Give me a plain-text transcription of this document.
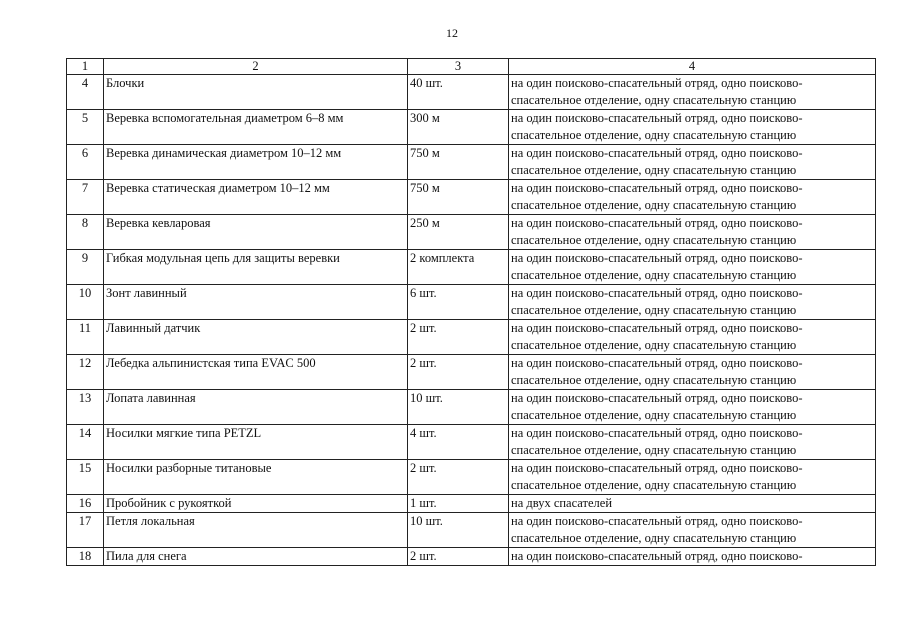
12
1	2	3	4
4	Блочки	40 шт.	на один поисково-спасательный отряд, одно поисково-
спасательное отделение, одну спасательную станцию

5	Веревка вспомогательная диаметром 6–8 мм	300 м	на один поисково-спасательный отряд, одно поисково-
спасательное отделение, одну спасательную станцию

6	Веревка динамическая диаметром 10–12 мм	750 м	на один поисково-спасательный отряд, одно поисково-
спасательное отделение, одну спасательную станцию

7	Веревка статическая диаметром 10–12 мм	750 м	на один поисково-спасательный отряд, одно поисково-
спасательное отделение, одну спасательную станцию

8	Веревка кевларовая	250 м	на один поисково-спасательный отряд, одно поисково-
спасательное отделение, одну спасательную станцию

9	Гибкая модульная цепь для защиты веревки	2 комплекта	на один поисково-спасательный отряд, одно поисково-
спасательное отделение, одну спасательную станцию

10	Зонт лавинный	6 шт.	на один поисково-спасательный отряд, одно поисково-
спасательное отделение, одну спасательную станцию

11	Лавинный датчик	2 шт.	на один поисково-спасательный отряд, одно поисково-
спасательное отделение, одну спасательную станцию

12	Лебедка альпинистская типа EVAC 500	2 шт.	на один поисково-спасательный отряд, одно поисково-
спасательное отделение, одну спасательную станцию

13	Лопата лавинная	10 шт.	на один поисково-спасательный отряд, одно поисково-
спасательное отделение, одну спасательную станцию

14	Носилки мягкие типа PETZL	4 шт.	на один поисково-спасательный отряд, одно поисково-
спасательное отделение, одну спасательную станцию

15	Носилки разборные титановые	2 шт.	на один поисково-спасательный отряд, одно поисково-
спасательное отделение, одну спасательную станцию

16	Пробойник с рукояткой	1 шт.	на двух спасателей

17	Петля локальная	10 шт.	на один поисково-спасательный отряд, одно поисково-
спасательное отделение, одну спасательную станцию

18	Пила для снега	2 шт.	на один поисково-спасательный отряд, одно поисково-
